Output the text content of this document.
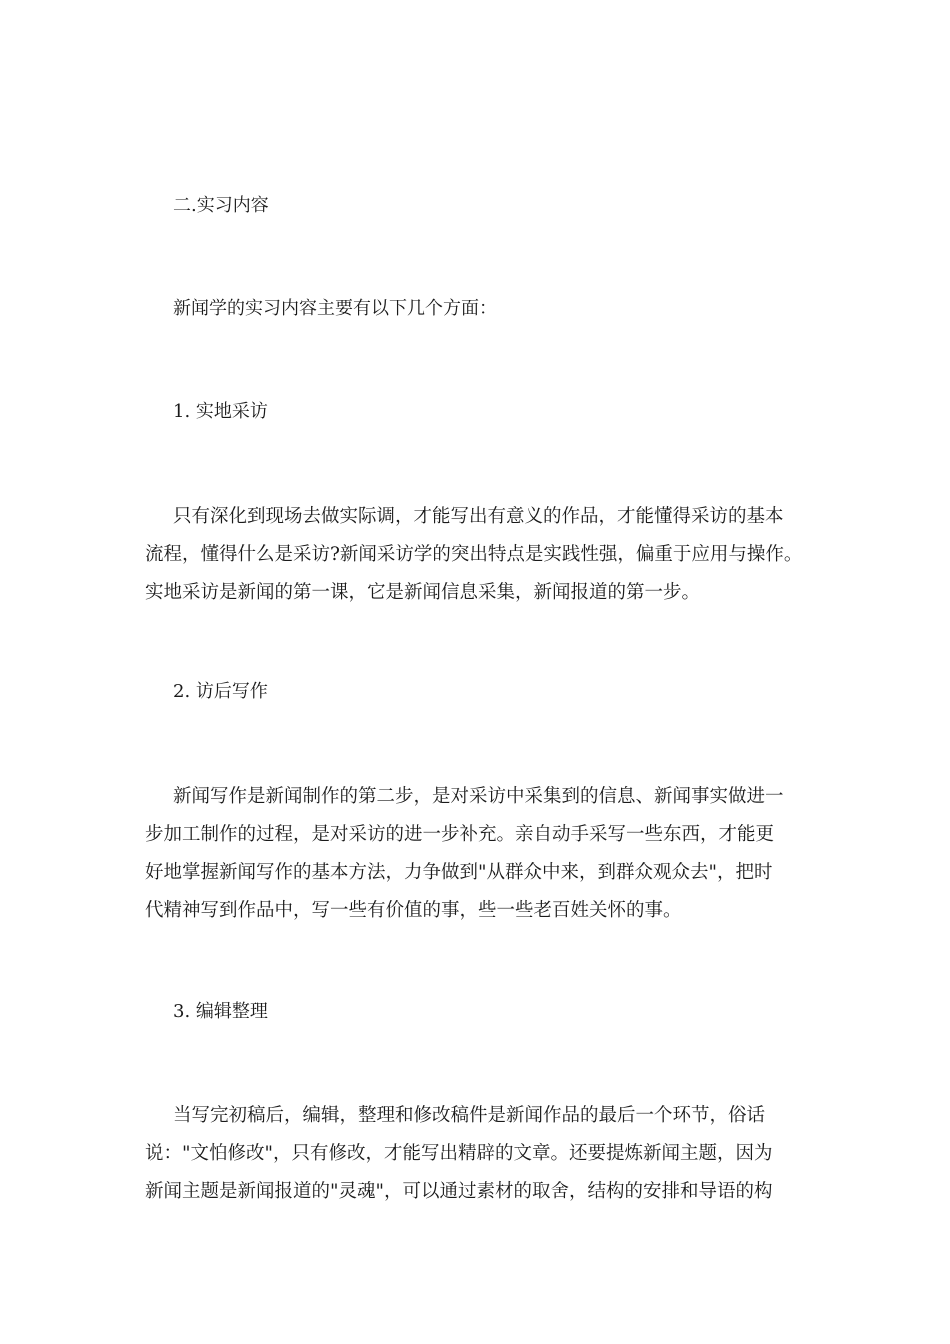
二.实习内容

新闻学的实习内容主要有以下几个方面：

1. 实地采访

只有深化到现场去做实际调，才能写出有意义的作品，才能懂得采访的基本
流程，懂得什么是采访?新闻采访学的突出特点是实践性强，偏重于应用与操作。
实地采访是新闻的第一课，它是新闻信息采集，新闻报道的第一步。

2. 访后写作

新闻写作是新闻制作的第二步，是对采访中采集到的信息、新闻事实做进一
步加工制作的过程，是对采访的进一步补充。亲自动手采写一些东西，才能更
好地掌握新闻写作的基本方法，力争做到"从群众中来，到群众观众去"，把时
代精神写到作品中，写一些有价值的事，些一些老百姓关怀的事。

3. 编辑整理

当写完初稿后，编辑，整理和修改稿件是新闻作品的最后一个环节，俗话
说："文怕修改"，只有修改，才能写出精辟的文章。还要提炼新闻主题，因为
新闻主题是新闻报道的"灵魂"，可以通过素材的取舍，结构的安排和导语的构
